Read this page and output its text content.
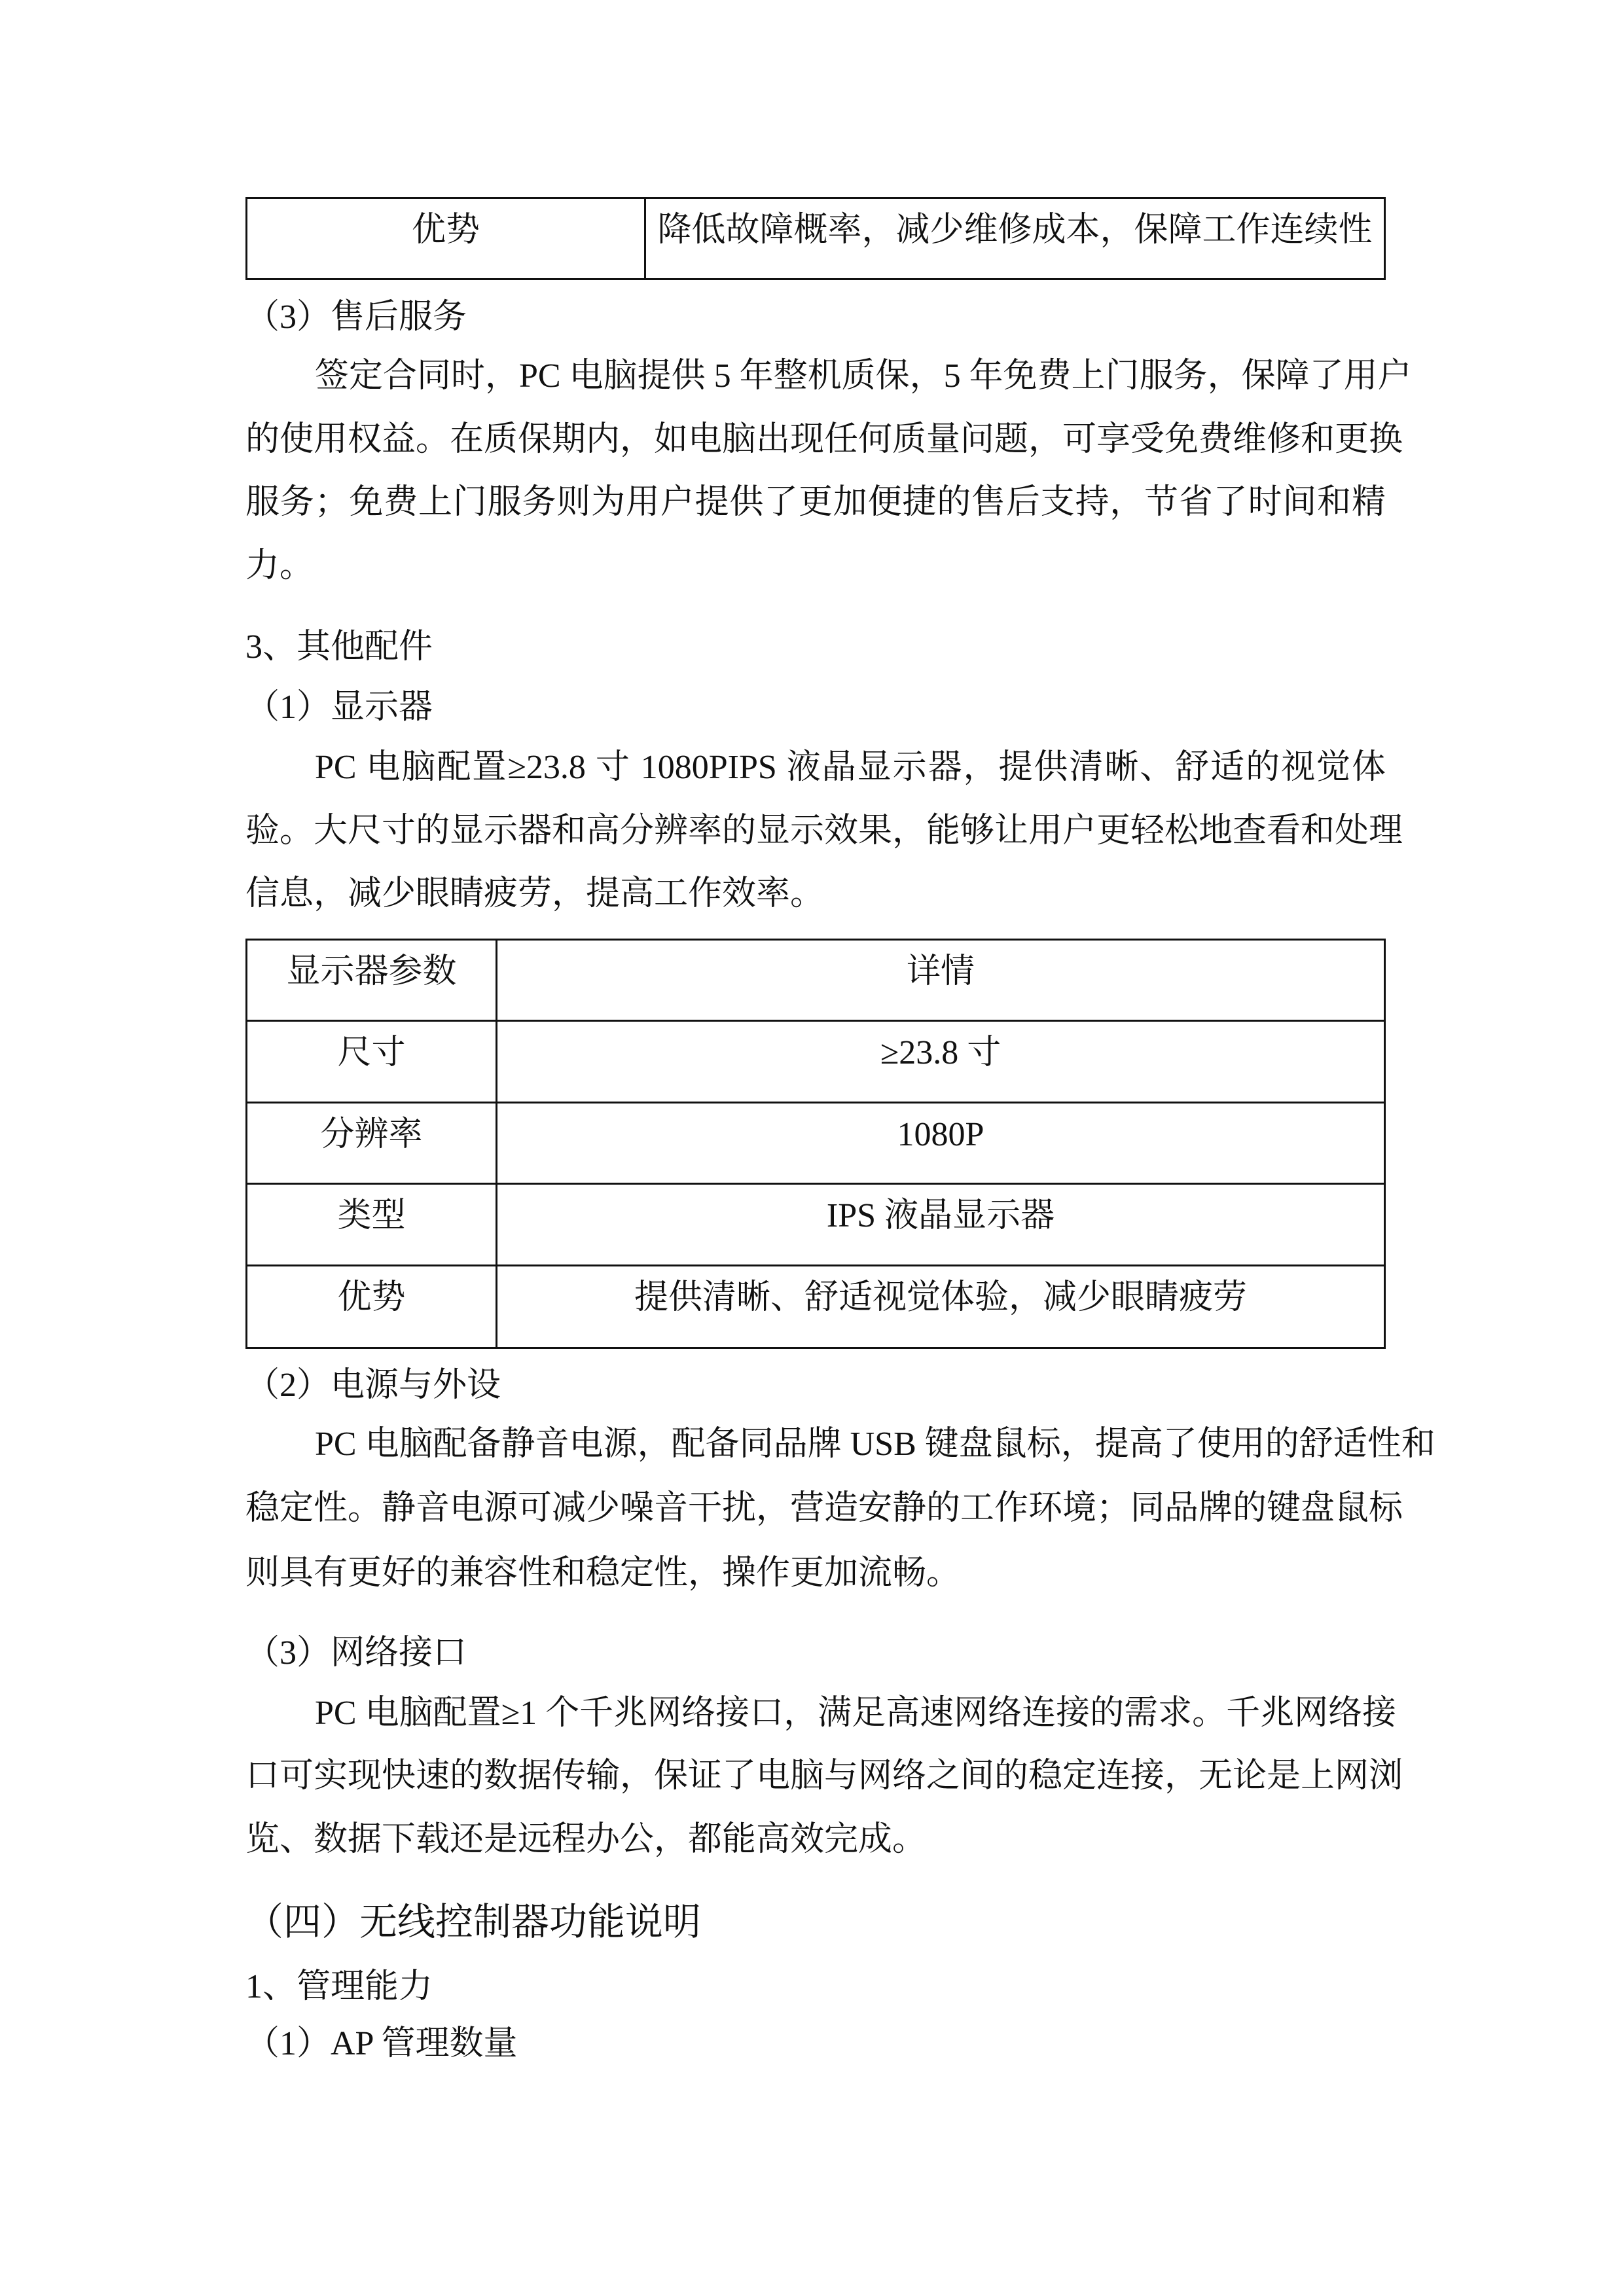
优势	降低故障概率，减少维修成本，保障工作连续性
（3）售后服务
签定合同时，PC 电脑提供 5 年整机质保，5 年免费上门服务，保障了用户
的使用权益。在质保期内，如电脑出现任何质量问题，可享受免费维修和更换
服务；免费上门服务则为用户提供了更加便捷的售后支持，节省了时间和精
力。
3、其他配件
（1）显示器
PC 电脑配置≥23.8 寸 1080PIPS 液晶显示器，提供清晰、舒适的视觉体
验。大尺寸的显示器和高分辨率的显示效果，能够让用户更轻松地查看和处理
信息，减少眼睛疲劳，提高工作效率。
显示器参数	详情
尺寸	≥23.8 寸
分辨率	1080P
类型	IPS 液晶显示器
优势	提供清晰、舒适视觉体验，减少眼睛疲劳
（2）电源与外设
PC 电脑配备静音电源，配备同品牌 USB 键盘鼠标，提高了使用的舒适性和
稳定性。静音电源可减少噪音干扰，营造安静的工作环境；同品牌的键盘鼠标
则具有更好的兼容性和稳定性，操作更加流畅。
（3）网络接口
PC 电脑配置≥1 个千兆网络接口，满足高速网络连接的需求。千兆网络接
口可实现快速的数据传输，保证了电脑与网络之间的稳定连接，无论是上网浏
览、数据下载还是远程办公，都能高效完成。
（四）无线控制器功能说明
1、管理能力
（1）AP 管理数量
